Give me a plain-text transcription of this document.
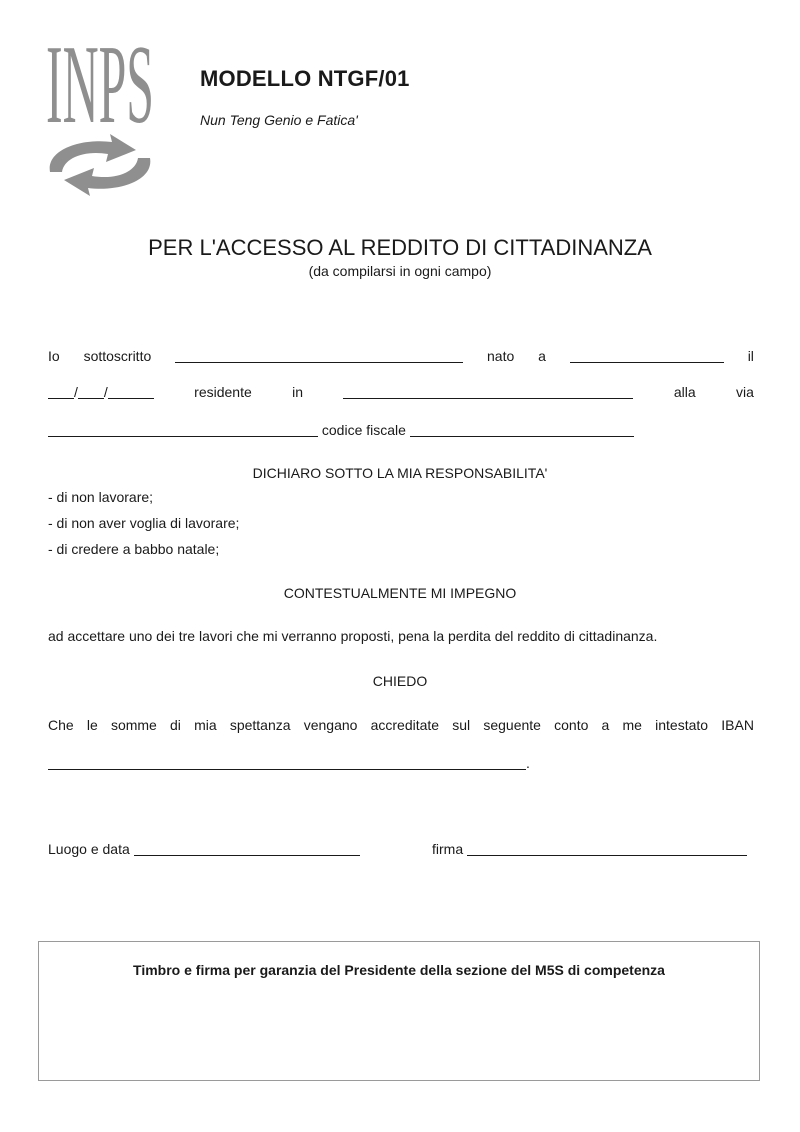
INPS MODELLO NTGF/01
Nun Teng Genio e Fatica'
PER L'ACCESSO AL REDDITO DI CITTADINANZA
(da compilarsi in ogni campo)
Io sottoscritto	nato a	il
/ /	residente	in	alla	via
codice fiscale
DICHIARO SOTTO LA MIA RESPONSABILITA'
- di non lavorare;
- di non aver voglia di lavorare;
- di credere a babbo natale;
CONTESTUALMENTE MI IMPEGNO
ad accettare uno dei tre lavori che mi verranno proposti, pena la perdita del reddito di cittadinanza.
CHIEDO
Che le somme di mia spettanza vengano accreditate sul seguente conto a me intestato IBAN
.
Luogo e data	firma
Timbro e firma per garanzia del Presidente della sezione del M5S di competenza
